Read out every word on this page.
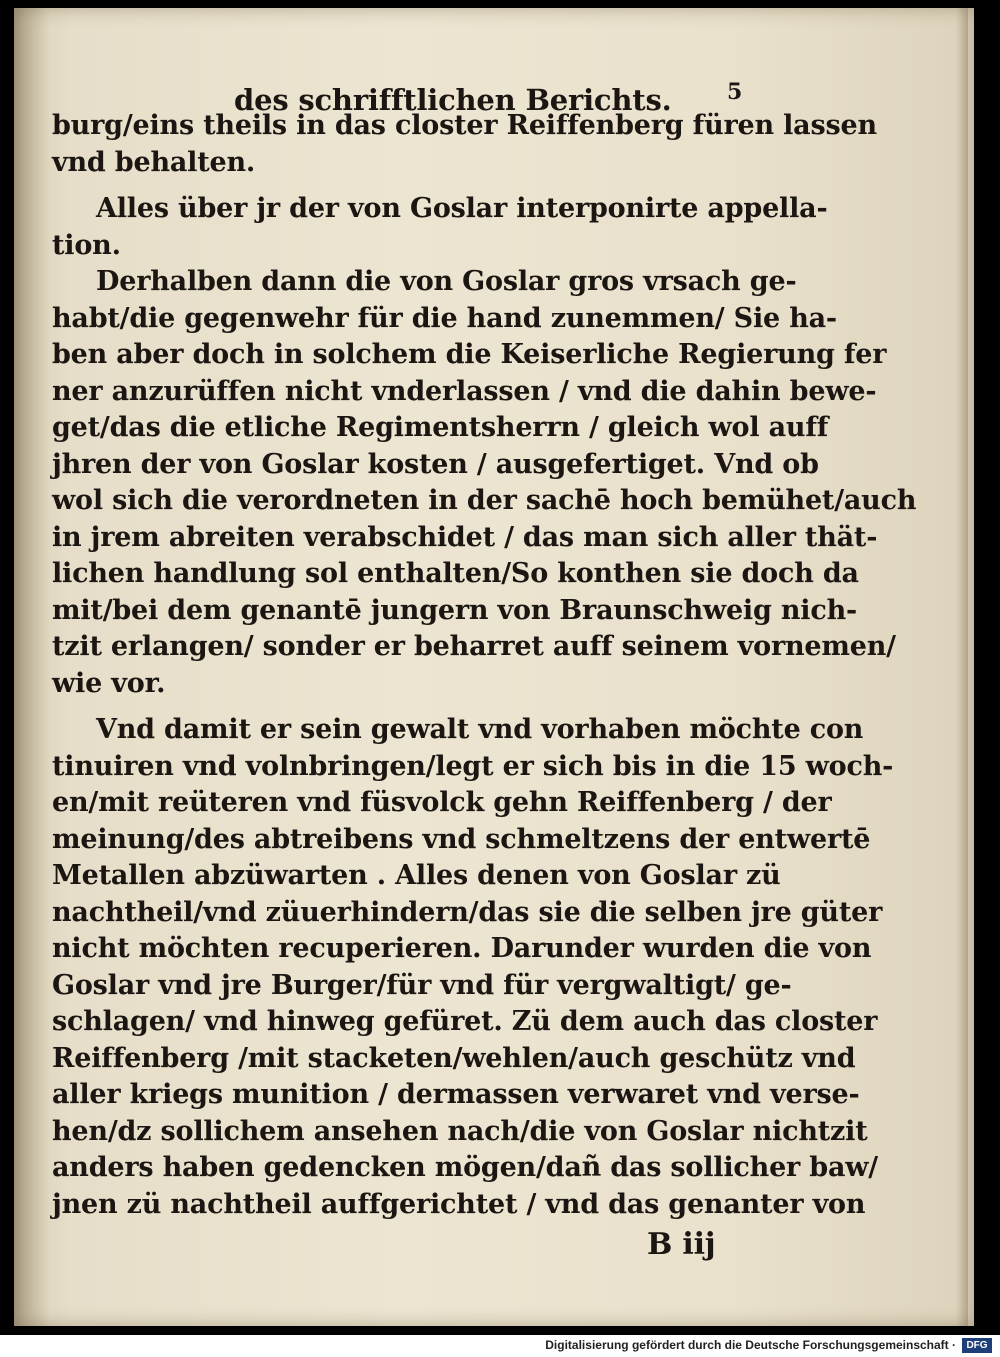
des schrifftlichen Berichts.	5
burg/eins theils in das closter Reiffenberg füren lassen
vnd behalten.
Alles über jr der von Goslar interponirte appella-
tion.
Derhalben dann die von Goslar gros vrsach ge-
habt/die gegenwehr für die hand zunemmen/ Sie ha-
ben aber doch in solchem die Keiserliche Regierung fer
ner anzurüffen nicht vnderlassen / vnd die dahin bewe-
get/das die etliche Regimentsherrn / gleich wol auff
jhren der von Goslar kosten / ausgefertiget. Vnd ob
wol sich die verordneten in der sachē hoch bemühet/auch
in jrem abreiten verabschidet / das man sich aller thät-
lichen handlung sol enthalten/So konthen sie doch da
mit/bei dem genantē jungern von Braunschweig nich-
tzit erlangen/ sonder er beharret auff seinem vornemen/
wie vor.
Vnd damit er sein gewalt vnd vorhaben möchte con
tinuiren vnd volnbringen/legt er sich bis in die 15 woch-
en/mit reüteren vnd füsvolck gehn Reiffenberg / der
meinung/des abtreibens vnd schmeltzens der entwertē
Metallen abzüwarten . Alles denen von Goslar zü
nachtheil/vnd züuerhindern/das sie die selben jre güter
nicht möchten recuperieren. Darunder wurden die von
Goslar vnd jre Burger/für vnd für vergwaltigt/ ge-
schlagen/ vnd hinweg gefüret. Zü dem auch das closter
Reiffenberg /mit stacketen/wehlen/auch geschütz vnd
aller kriegs munition / dermassen verwaret vnd verse-
hen/dz sollichem ansehen nach/die von Goslar nichtzit
anders haben gedencken mögen/dañ das sollicher baw/
jnen zü nachtheil auffgerichtet / vnd das genanter von
B iij
Digitalisierung gefördert durch die Deutsche Forschungsgemeinschaft ·	DFG
